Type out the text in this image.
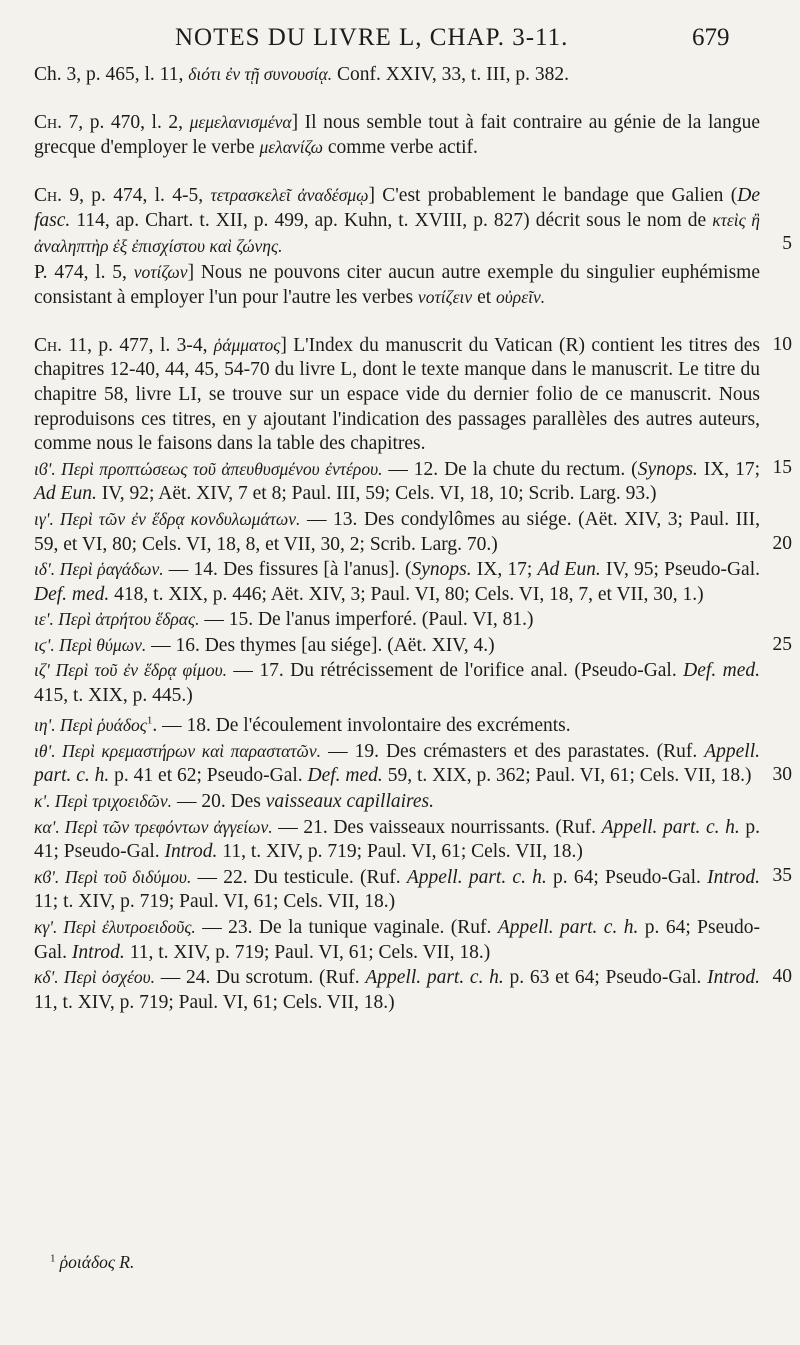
NOTES DU LIVRE L, CHAP. 3-11.	679
Ch. 3, p. 465, l. 11, διότι ἐν τῇ συνουσίᾳ. Conf. XXIV, 33, t. III, p. 382.
Ch. 7, p. 470, l. 2, μεμελανισμένα] Il nous semble tout à fait contraire au génie de la langue grecque d'employer le verbe μελανίζω comme verbe actif.
Ch. 9, p. 474, l. 4-5, τετρασκελεῖ ἀναδέσμῳ] C'est probablement le bandage que Galien (De fasc. 114, ap. Chart. t. XII, p. 499, ap. Kuhn, t. XVIII, p. 827) décrit sous le nom de κτεὶς ἢ ἀναληπτὴρ ἐξ ἐπισχίστου καὶ ζώνης.	5
P. 474, l. 5, νοτίζων] Nous ne pouvons citer aucun autre exemple du singulier euphémisme consistant à employer l'un pour l'autre les verbes νοτίζειν et οὐρεῖν.
Ch. 11, p. 477, l. 3-4, ῥάμματος] L'Index du manuscrit du Vatican (R) contient les titres des chapitres 12-40, 44, 45, 54-70 du livre L, dont le texte manque dans le manuscrit. Le titre du chapitre 58, livre LI, se trouve sur un espace vide du dernier folio de ce manuscrit. Nous reproduisons ces titres, en y ajoutant l'indication des passages parallèles des autres auteurs, comme nous le faisons dans la table des chapitres.
10
15
ιϐʹ. Περὶ προπτώσεως τοῦ ἀπευθυσμένου ἐντέρου. — 12. De la chute du rectum. (Synops. IX, 17; Ad Eun. IV, 92; Aët. XIV, 7 et 8; Paul. III, 59; Cels. VI, 18, 10; Scrib. Larg. 93.)
ιγʹ. Περὶ τῶν ἐν ἕδρᾳ κονδυλωμάτων. — 13. Des condylômes au siége. (Aët. XIV, 3; Paul. III, 59, et VI, 80; Cels. VI, 18, 8, et VII, 30, 2; Scrib. Larg. 70.)	20
ιδʹ. Περὶ ῥαγάδων. — 14. Des fissures [à l'anus]. (Synops. IX, 17; Ad Eun. IV, 95; Pseudo-Gal. Def. med. 418, t. XIX, p. 446; Aët. XIV, 3; Paul. VI, 80; Cels. VI, 18, 7, et VII, 30, 1.)
ιεʹ. Περὶ ἀτρήτου ἕδρας. — 15. De l'anus imperforé. (Paul. VI, 81.)
ιϛʹ. Περὶ θύμων. — 16. Des thymes [au siége]. (Aët. XIV, 4.)	25
ιζʹ Περὶ τοῦ ἐν ἕδρᾳ φίμου. — 17. Du rétrécissement de l'orifice anal. (Pseudo-Gal. Def. med. 415, t. XIX, p. 445.)
ιηʹ. Περὶ ῥυάδος$^1$. — 18. De l'écoulement involontaire des excréments.
ιθʹ. Περὶ κρεμαστήρων καὶ παραστατῶν. — 19. Des crémasters et des parastates. (Ruf. Appell. part. c. h. p. 41 et 62; Pseudo-Gal. Def. med. 59, t. XIX, p. 362; Paul. VI, 61; Cels. VII, 18.)	30
κʹ. Περὶ τριχοειδῶν. — 20. Des vaisseaux capillaires.
καʹ. Περὶ τῶν τρεφόντων ἀγγείων. — 21. Des vaisseaux nourrissants. (Ruf. Appell. part. c. h. p. 41; Pseudo-Gal. Introd. 11, t. XIV, p. 719; Paul. VI, 61; Cels. VII, 18.)
35
κϐʹ. Περὶ τοῦ διδύμου. — 22. Du testicule. (Ruf. Appell. part. c. h. p. 64; Pseudo-Gal. Introd. 11; t. XIV, p. 719; Paul. VI, 61; Cels. VII, 18.)
κγʹ. Περὶ ἐλυτροειδοῦς. — 23. De la tunique vaginale. (Ruf. Appell. part. c. h. p. 64; Pseudo-Gal. Introd. 11, t. XIV, p. 719; Paul. VI, 61; Cels. VII, 18.)
κδʹ. Περὶ ὀσχέου. — 24. Du scrotum. (Ruf. Appell. part. c. h. p. 63 et 64; Pseudo-Gal. Introd. 11, t. XIV, p. 719; Paul. VI, 61; Cels. VII, 18.)
40
$^1$ ῥοιάδος R.
